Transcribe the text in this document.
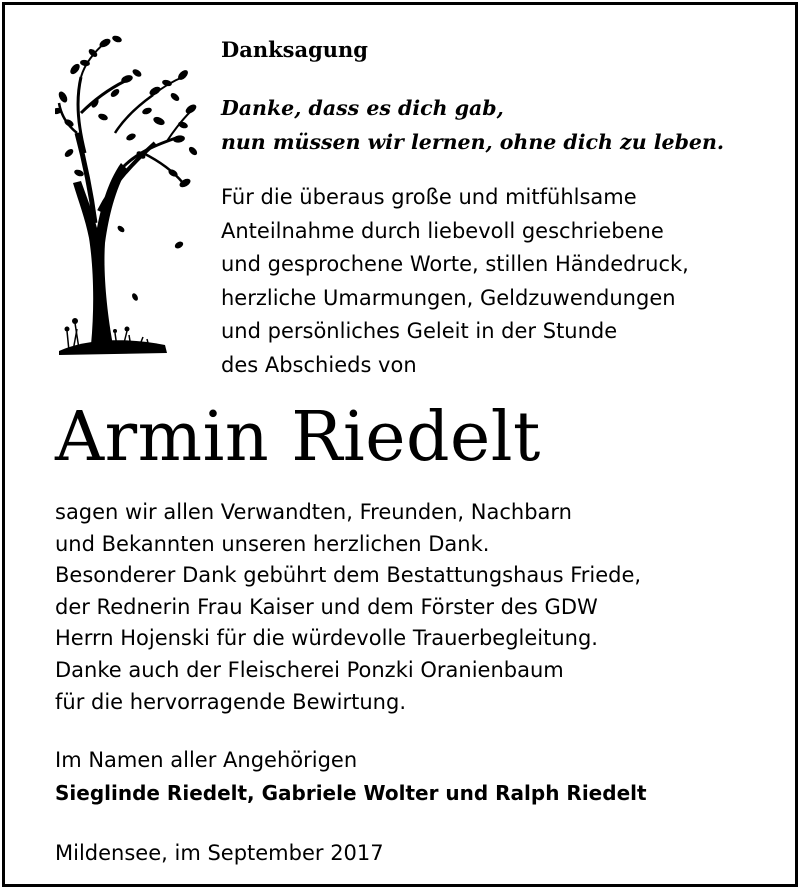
Danksagung

Danke, dass es dich gab,
nun müssen wir lernen, ohne dich zu leben.

Für die überaus große und mitfühlsame
Anteilnahme durch liebevoll geschriebene
und gesprochene Worte, stillen Händedruck,
herzliche Umarmungen, Geldzuwendungen
und persönliches Geleit in der Stunde
des Abschieds von

Armin Riedelt

sagen wir allen Verwandten, Freunden, Nachbarn
und Bekannten unseren herzlichen Dank.
Besonderer Dank gebührt dem Bestattungshaus Friede,
der Rednerin Frau Kaiser und dem Förster des GDW
Herrn Hojenski für die würdevolle Trauerbegleitung.
Danke auch der Fleischerei Ponzki Oranienbaum
für die hervorragende Bewirtung.

Im Namen aller Angehörigen
Sieglinde Riedelt, Gabriele Wolter und Ralph Riedelt
Mildensee, im September 2017
